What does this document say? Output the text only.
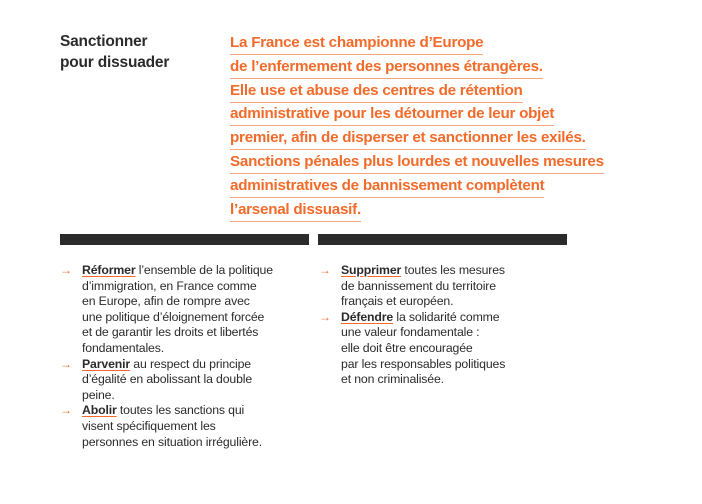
Sanctionner
pour dissuader

La France est championne d’Europe
de l’enfermement des personnes étrangères.
Elle use et abuse des centres de rétention
administrative pour les détourner de leur objet
premier, afin de disperser et sanctionner les exilés.
Sanctions pénales plus lourdes et nouvelles mesures
administratives de bannissement complètent
l’arsenal dissuasif.

→ Réformer l’ensemble de la politique
d’immigration, en France comme
en Europe, afin de rompre avec
une politique d’éloignement forcée
et de garantir les droits et libertés
fondamentales.
→ Parvenir au respect du principe
d’égalité en abolissant la double
peine.
→ Abolir toutes les sanctions qui
visent spécifiquement les
personnes en situation irrégulière.
→ Supprimer toutes les mesures
de bannissement du territoire
français et européen.
→ Défendre la solidarité comme
une valeur fondamentale :
elle doit être encouragée
par les responsables politiques
et non criminalisée.
